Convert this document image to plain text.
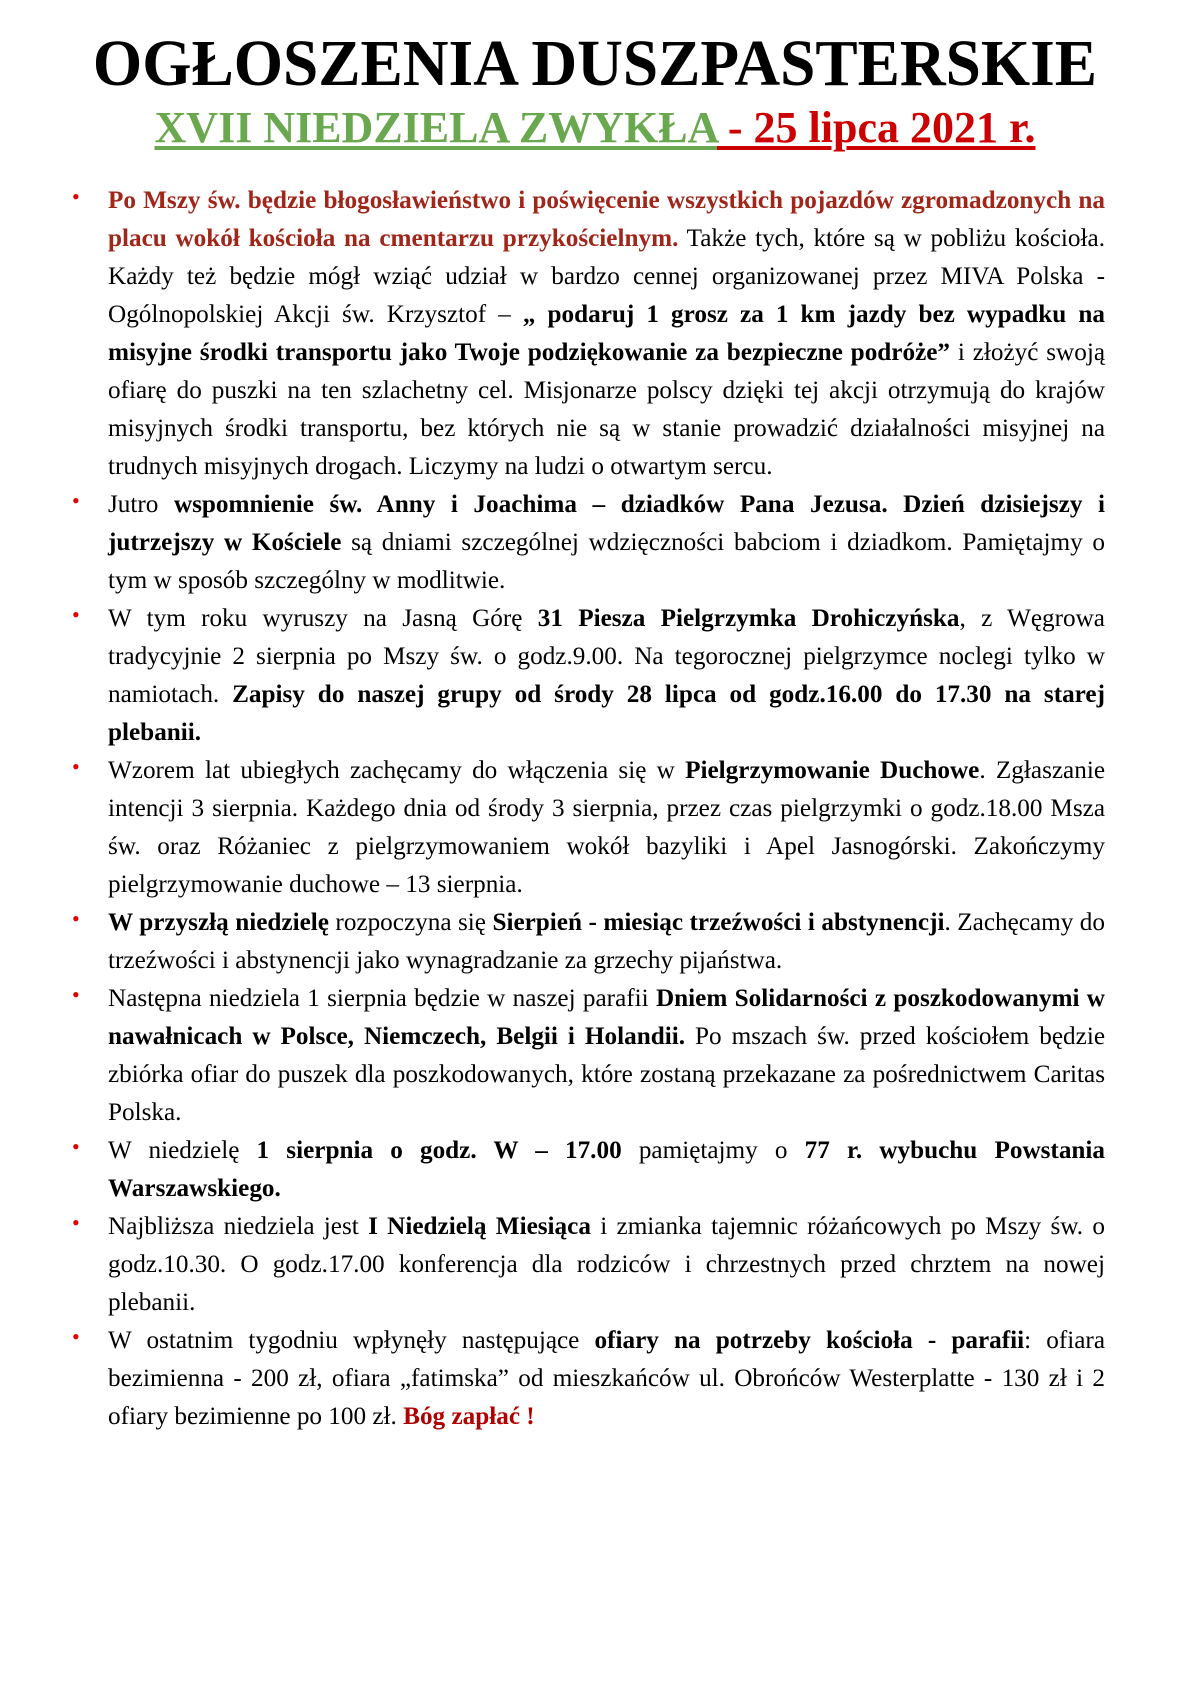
OGŁOSZENIA DUSZPASTERSKIE
XVII NIEDZIELA ZWYKŁA - 25 lipca 2021 r.
• Po Mszy św. będzie błogosławieństwo i poświęcenie wszystkich pojazdów zgromadzonych na placu wokół kościoła na cmentarzu przykościelnym. Także tych, które są w pobliżu kościoła. Każdy też będzie mógł wziąć udział w bardzo cennej organizowanej przez MIVA Polska - Ogólnopolskiej Akcji św. Krzysztof – „ podaruj 1 grosz za 1 km jazdy bez wypadku na misyjne środki transportu jako Twoje podziękowanie za bezpieczne podróże” i złożyć swoją ofiarę do puszki na ten szlachetny cel. Misjonarze polscy dzięki tej akcji otrzymują do krajów misyjnych środki transportu, bez których nie są w stanie prowadzić działalności misyjnej na trudnych misyjnych drogach. Liczymy na ludzi o otwartym sercu.
• Jutro wspomnienie św. Anny i Joachima – dziadków Pana Jezusa. Dzień dzisiejszy i jutrzejszy w Kościele są dniami szczególnej wdzięczności babciom i dziadkom. Pamiętajmy o tym w sposób szczególny w modlitwie.
• W tym roku wyruszy na Jasną Górę 31 Piesza Pielgrzymka Drohiczyńska, z Węgrowa tradycyjnie 2 sierpnia po Mszy św. o godz.9.00. Na tegorocznej pielgrzymce noclegi tylko w namiotach. Zapisy do naszej grupy od środy 28 lipca od godz.16.00 do 17.30 na starej plebanii.
• Wzorem lat ubiegłych zachęcamy do włączenia się w Pielgrzymowanie Duchowe. Zgłaszanie intencji 3 sierpnia. Każdego dnia od środy 3 sierpnia, przez czas pielgrzymki o godz.18.00 Msza św. oraz Różaniec z pielgrzymowaniem wokół bazyliki i Apel Jasnogórski. Zakończymy pielgrzymowanie duchowe – 13 sierpnia.
• W przyszłą niedzielę rozpoczyna się Sierpień - miesiąc trzeźwości i abstynencji. Zachęcamy do trzeźwości i abstynencji jako wynagradzanie za grzechy pijaństwa.
• Następna niedziela 1 sierpnia będzie w naszej parafii Dniem Solidarności z poszkodowanymi w nawałnicach w Polsce, Niemczech, Belgii i Holandii. Po mszach św. przed kościołem będzie zbiórka ofiar do puszek dla poszkodowanych, które zostaną przekazane za pośrednictwem Caritas Polska.
• W niedzielę 1 sierpnia o godz. W – 17.00 pamiętajmy o 77 r. wybuchu Powstania Warszawskiego.
• Najbliższa niedziela jest I Niedzielą Miesiąca i zmianka tajemnic różańcowych po Mszy św. o godz.10.30. O godz.17.00 konferencja dla rodziców i chrzestnych przed chrztem na nowej plebanii.
• W ostatnim tygodniu wpłynęły następujące ofiary na potrzeby kościoła - parafii: ofiara bezimienna - 200 zł, ofiara „fatimska” od mieszkańców ul. Obrońców Westerplatte - 130 zł i 2 ofiary bezimienne po 100 zł. Bóg zapłać !
